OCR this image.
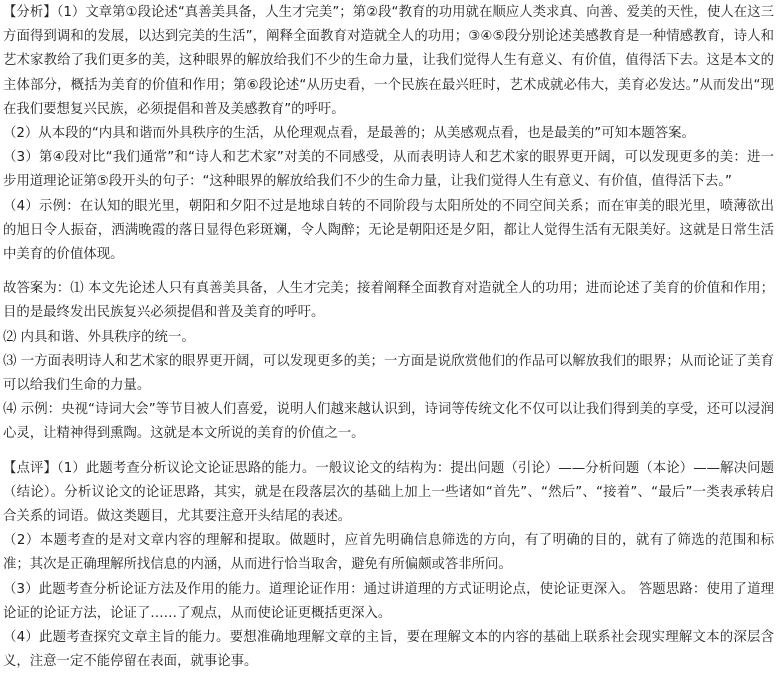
【分析】（1）文章第①段论述“真善美具备，人生才完美”；第②段“教育的功用就在顺应人类求真、向善、爱美的天性，使人在这三方面得到调和的发展，以达到完美的生活”，阐释全面教育对造就全人的功用；③④⑤段分别论述美感教育是一种情感教育，诗人和艺术家教给了我们更多的美，这种眼界的解放给我们不少的生命力量，让我们觉得人生有意义、有价值，值得活下去。这是本文的主体部分，概括为美育的价值和作用；第⑥段论述“从历史看，一个民族在最兴旺时，艺术成就必伟大，美育必发达。”从而发出“现在我们要想复兴民族，必须提倡和普及美感教育”的呼吁。

（2）从本段的“内具和谐而外具秩序的生活，从伦理观点看，是最善的；从美感观点看，也是最美的”可知本题答案。

（3）第④段对比“我们通常”和“诗人和艺术家”对美的不同感受，从而表明诗人和艺术家的眼界更开阔，可以发现更多的美：进一步用道理论证第⑤段开头的句子：“这种眼界的解放给我们不少的生命力量，让我们觉得人生有意义、有价值，值得活下去。”

（4）示例：在认知的眼光里，朝阳和夕阳不过是地球自转的不同阶段与太阳所处的不同空间关系；而在审美的眼光里，喷薄欲出的旭日令人振奋，洒满晚霞的落日显得色彩斑斓，令人陶醉；无论是朝阳还是夕阳，都让人觉得生活有无限美好。这就是日常生活中美育的价值体现。

故答案为：⑴ 本文先论述人只有真善美具备，人生才完美；接着阐释全面教育对造就全人的功用；进而论述了美育的价值和作用；目的是最终发出民族复兴必须提倡和普及美育的呼吁。

⑵ 内具和谐、外具秩序的统一。

⑶ 一方面表明诗人和艺术家的眼界更开阔，可以发现更多的美；一方面是说欣赏他们的作品可以解放我们的眼界；从而论证了美育可以给我们生命的力量。

⑷ 示例：央视“诗词大会”等节目被人们喜爱，说明人们越来越认识到，诗词等传统文化不仅可以让我们得到美的享受，还可以浸润心灵，让精神得到熏陶。这就是本文所说的美育的价值之一。

【点评】（1）此题考查分析议论文论证思路的能力。一般议论文的结构为：提出问题（引论）——分析问题（本论）——解决问题（结论）。分析议论文的论证思路，其实，就是在段落层次的基础上加上一些诸如“首先”、“然后”、“接着”、“最后”一类表承转启合关系的词语。做这类题目，尤其要注意开头结尾的表述。

（2）本题考查的是对文章内容的理解和提取。做题时，应首先明确信息筛选的方向，有了明确的目的，就有了筛选的范围和标准；其次是正确理解所找信息的内涵，从而进行恰当取舍，避免有所偏颇或答非所问。

（3）此题考查分析论证方法及作用的能力。道理论证作用：通过讲道理的方式证明论点，使论证更深入。 答题思路：使用了道理论证的论证方法，论证了……了观点，从而使论证更概括更深入。

（4）此题考查探究文章主旨的能力。要想准确地理解文章的主旨，要在理解文本的内容的基础上联系社会现实理解文本的深层含义，注意一定不能停留在表面，就事论事。
